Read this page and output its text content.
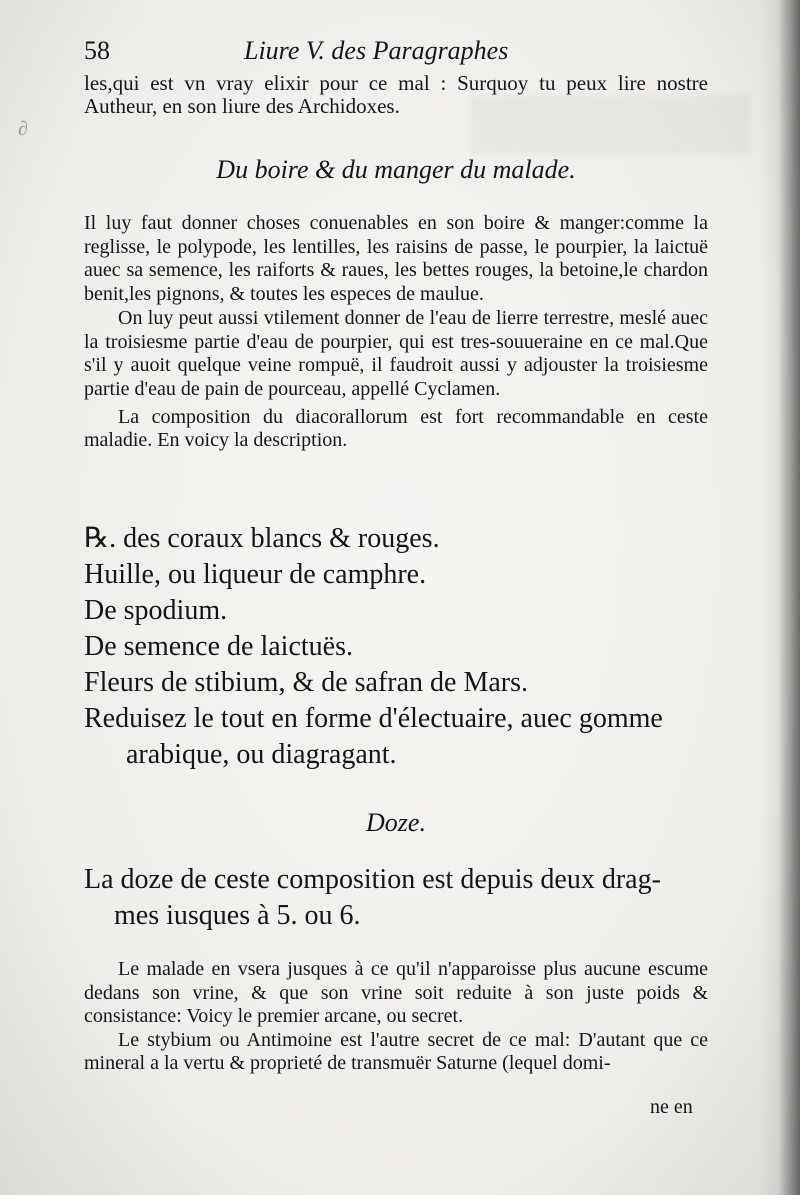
∂
58	Liure V. des Paragraphes
les,qui est vn vray elixir pour ce mal : Surquoy tu peux lire nostre Autheur, en son liure des Archidoxes.
Du boire & du manger du malade.

Il luy faut donner choses conuenables en son boire & manger:comme la reglisse, le polypode, les lentilles, les raisins de passe, le pourpier, la laictuë auec sa semence, les raiforts & raues, les bettes rouges, la betoine,le chardon benit,les pignons, & toutes les especes de maulue.

On luy peut aussi vtilement donner de l'eau de lierre terrestre, meslé auec la troisiesme partie d'eau de pourpier, qui est tres-souueraine en ce mal.Que s'il y auoit quelque veine rompuë, il faudroit aussi y adjouster la troisiesme partie d'eau de pain de pourceau, appellé Cyclamen.

La composition du diacorallorum est fort recommandable en ceste maladie. En voicy la description.

℞. des coraux blancs & rouges.
Huille, ou liqueur de camphre.
De spodium.
De semence de laictuës.
Fleurs de stibium, & de safran de Mars.
Reduisez le tout en forme d'électuaire, auec gomme
arabique, ou diagragant.
Doze.
La doze de ceste composition est depuis deux drag-
mes iusques à 5. ou 6.

Le malade en vsera jusques à ce qu'il n'apparoisse plus aucune escume dedans son vrine, & que son vrine soit reduite à son juste poids & consistance: Voicy le premier arcane, ou secret.

Le stybium ou Antimoine est l'autre secret de ce mal: D'autant que ce mineral a la vertu & proprieté de transmuër Saturne (lequel domi-

ne en
